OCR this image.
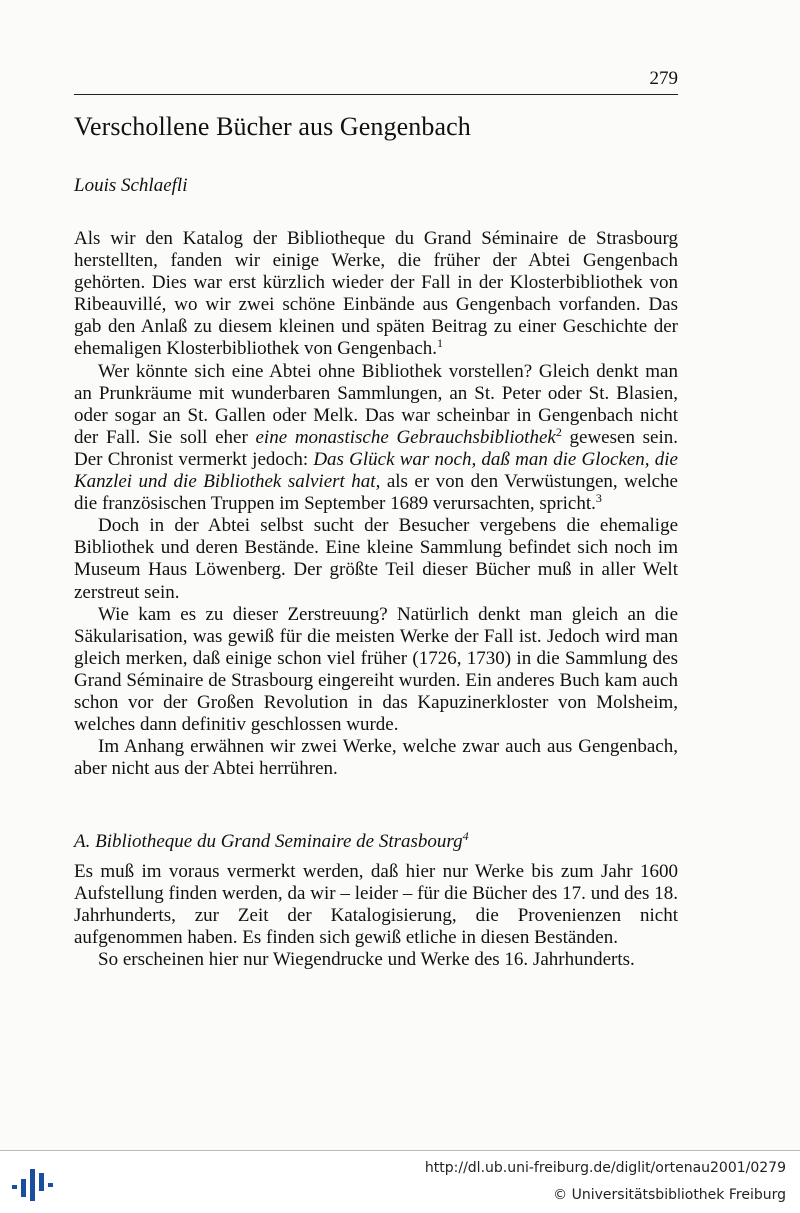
279
Verschollene Bücher aus Gengenbach
Louis Schlaefli

Als wir den Katalog der Bibliotheque du Grand Séminaire de Strasbourg herstellten, fanden wir einige Werke, die früher der Abtei Gengenbach gehörten. Dies war erst kürzlich wieder der Fall in der Klosterbibliothek von Ribeauvillé, wo wir zwei schöne Einbände aus Gengenbach vorfanden. Das gab den Anlaß zu diesem kleinen und späten Beitrag zu einer Geschichte der ehemaligen Klosterbibliothek von Gengenbach.$^1$

Wer könnte sich eine Abtei ohne Bibliothek vorstellen? Gleich denkt man an Prunkräume mit wunderbaren Sammlungen, an St. Peter oder St. Blasien, oder sogar an St. Gallen oder Melk. Das war scheinbar in Gengenbach nicht der Fall. Sie soll eher eine monastische Gebrauchsbibliothek$^2$ gewesen sein. Der Chronist vermerkt jedoch: Das Glück war noch, daß man die Glocken, die Kanzlei und die Bibliothek salviert hat, als er von den Verwüstungen, welche die französischen Truppen im September 1689 verursachten, spricht.$^3$

Doch in der Abtei selbst sucht der Besucher vergebens die ehemalige Bibliothek und deren Bestände. Eine kleine Sammlung befindet sich noch im Museum Haus Löwenberg. Der größte Teil dieser Bücher muß in aller Welt zerstreut sein.

Wie kam es zu dieser Zerstreuung? Natürlich denkt man gleich an die Säkularisation, was gewiß für die meisten Werke der Fall ist. Jedoch wird man gleich merken, daß einige schon viel früher (1726, 1730) in die Sammlung des Grand Séminaire de Strasbourg eingereiht wurden. Ein anderes Buch kam auch schon vor der Großen Revolution in das Kapuzinerkloster von Molsheim, welches dann definitiv geschlossen wurde.

Im Anhang erwähnen wir zwei Werke, welche zwar auch aus Gengenbach, aber nicht aus der Abtei herrühren.

A. Bibliotheque du Grand Seminaire de Strasbourg$^4$

Es muß im voraus vermerkt werden, daß hier nur Werke bis zum Jahr 1600 Aufstellung finden werden, da wir – leider – für die Bücher des 17. und des 18. Jahrhunderts, zur Zeit der Katalogisierung, die Provenienzen nicht aufgenommen haben. Es finden sich gewiß etliche in diesen Beständen.

So erscheinen hier nur Wiegendrucke und Werke des 16. Jahrhunderts.

http://dl.ub.uni-freiburg.de/diglit/ortenau2001/0279
© Universitätsbibliothek Freiburg
